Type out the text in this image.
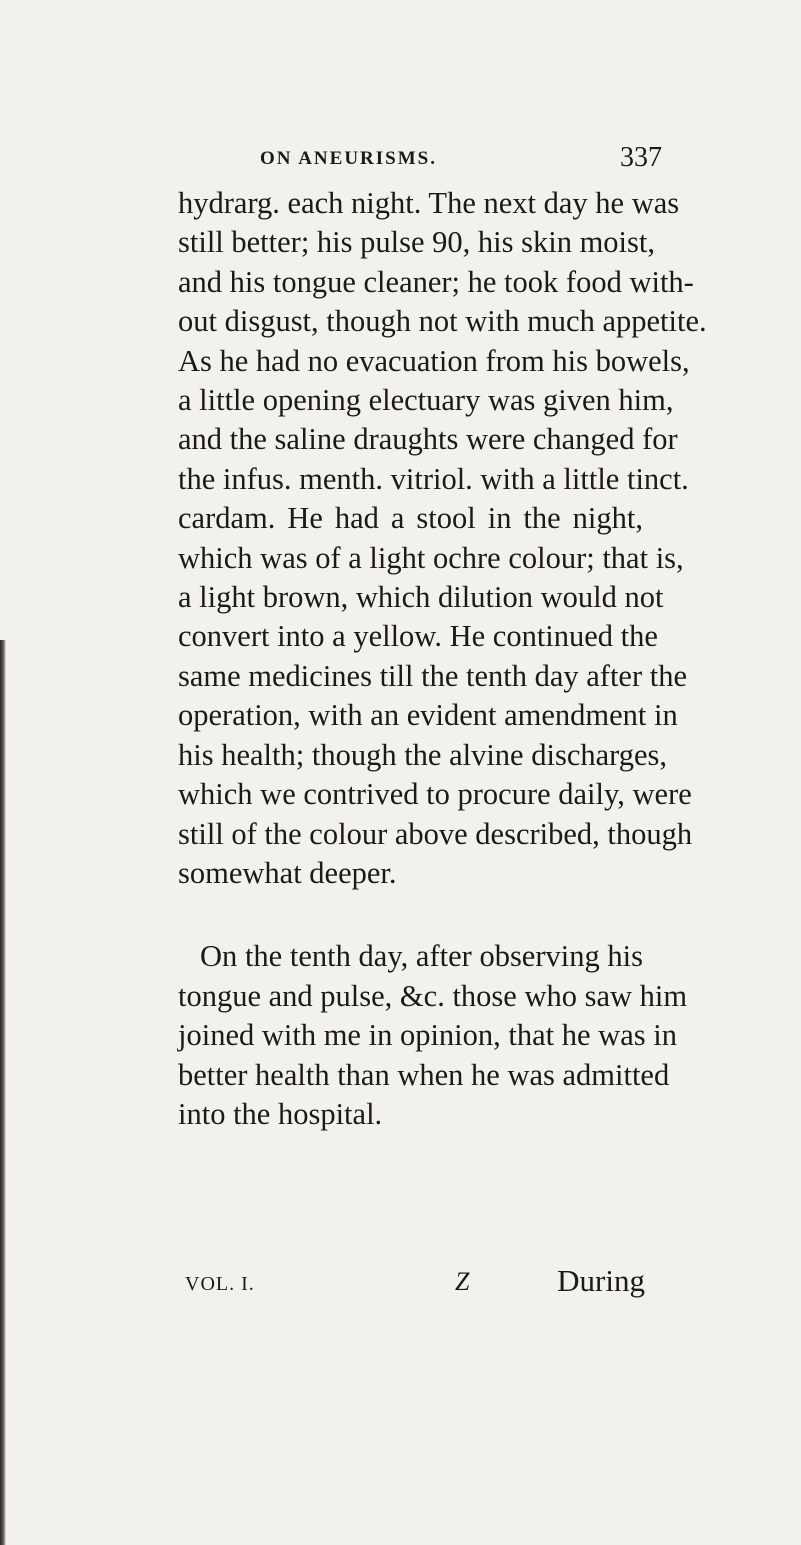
ON ANEURISMS.	337
hydrarg. each night. The next day he was
still better; his pulse 90, his skin moist,
and his tongue cleaner; he took food with-
out disgust, though not with much appetite.
As he had no evacuation from his bowels,
a little opening electuary was given him,
and the saline draughts were changed for
the infus. menth. vitriol. with a little tinct.
cardam. He had a stool in the night,
which was of a light ochre colour; that is,
a light brown, which dilution would not
convert into a yellow. He continued the
same medicines till the tenth day after the
operation, with an evident amendment in
his health; though the alvine discharges,
which we contrived to procure daily, were
still of the colour above described, though
somewhat deeper.
On the tenth day, after observing his
tongue and pulse, &c. those who saw him
joined with me in opinion, that he was in
better health than when he was admitted
into the hospital.
VOL. I.	Z	During
